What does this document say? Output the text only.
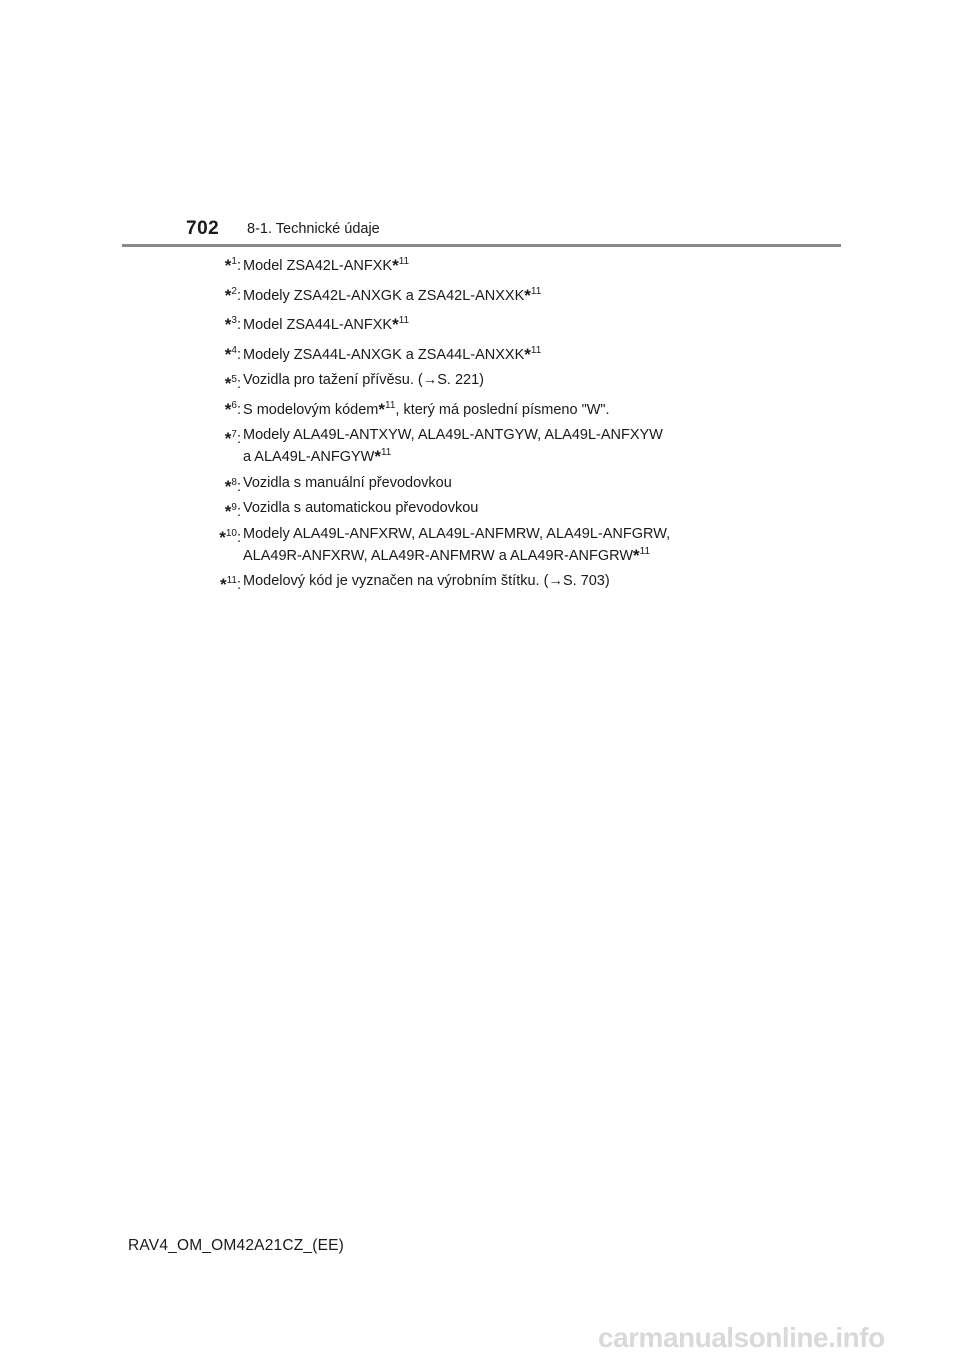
702 8-1. Technické údaje
*$^1$: Model ZSA42L-ANFXK*$^{11}$
*$^2$: Modely ZSA42L-ANXGK a ZSA42L-ANXXK*$^{11}$
*$^3$: Model ZSA44L-ANFXK*$^{11}$
*$^4$: Modely ZSA44L-ANXGK a ZSA44L-ANXXK*$^{11}$
*$^5$: Vozidla pro tažení přívěsu. (→S. 221)
*$^6$: S modelovým kódem*$^{11}$, který má poslední písmeno "W".
*$^7$: Modely ALA49L-ANTXYW, ALA49L-ANTGYW, ALA49L-ANFXYW
a ALA49L-ANFGYW*$^{11}$
*$^8$: Vozidla s manuální převodovkou
*$^9$: Vozidla s automatickou převodovkou
*$^{10}$: Modely ALA49L-ANFXRW, ALA49L-ANFMRW, ALA49L-ANFGRW,
ALA49R-ANFXRW, ALA49R-ANFMRW a ALA49R-ANFGRW*$^{11}$
*$^{11}$: Modelový kód je vyznačen na výrobním štítku. (→S. 703)
RAV4_OM_OM42A21CZ_(EE)
carmanualsonline.info
